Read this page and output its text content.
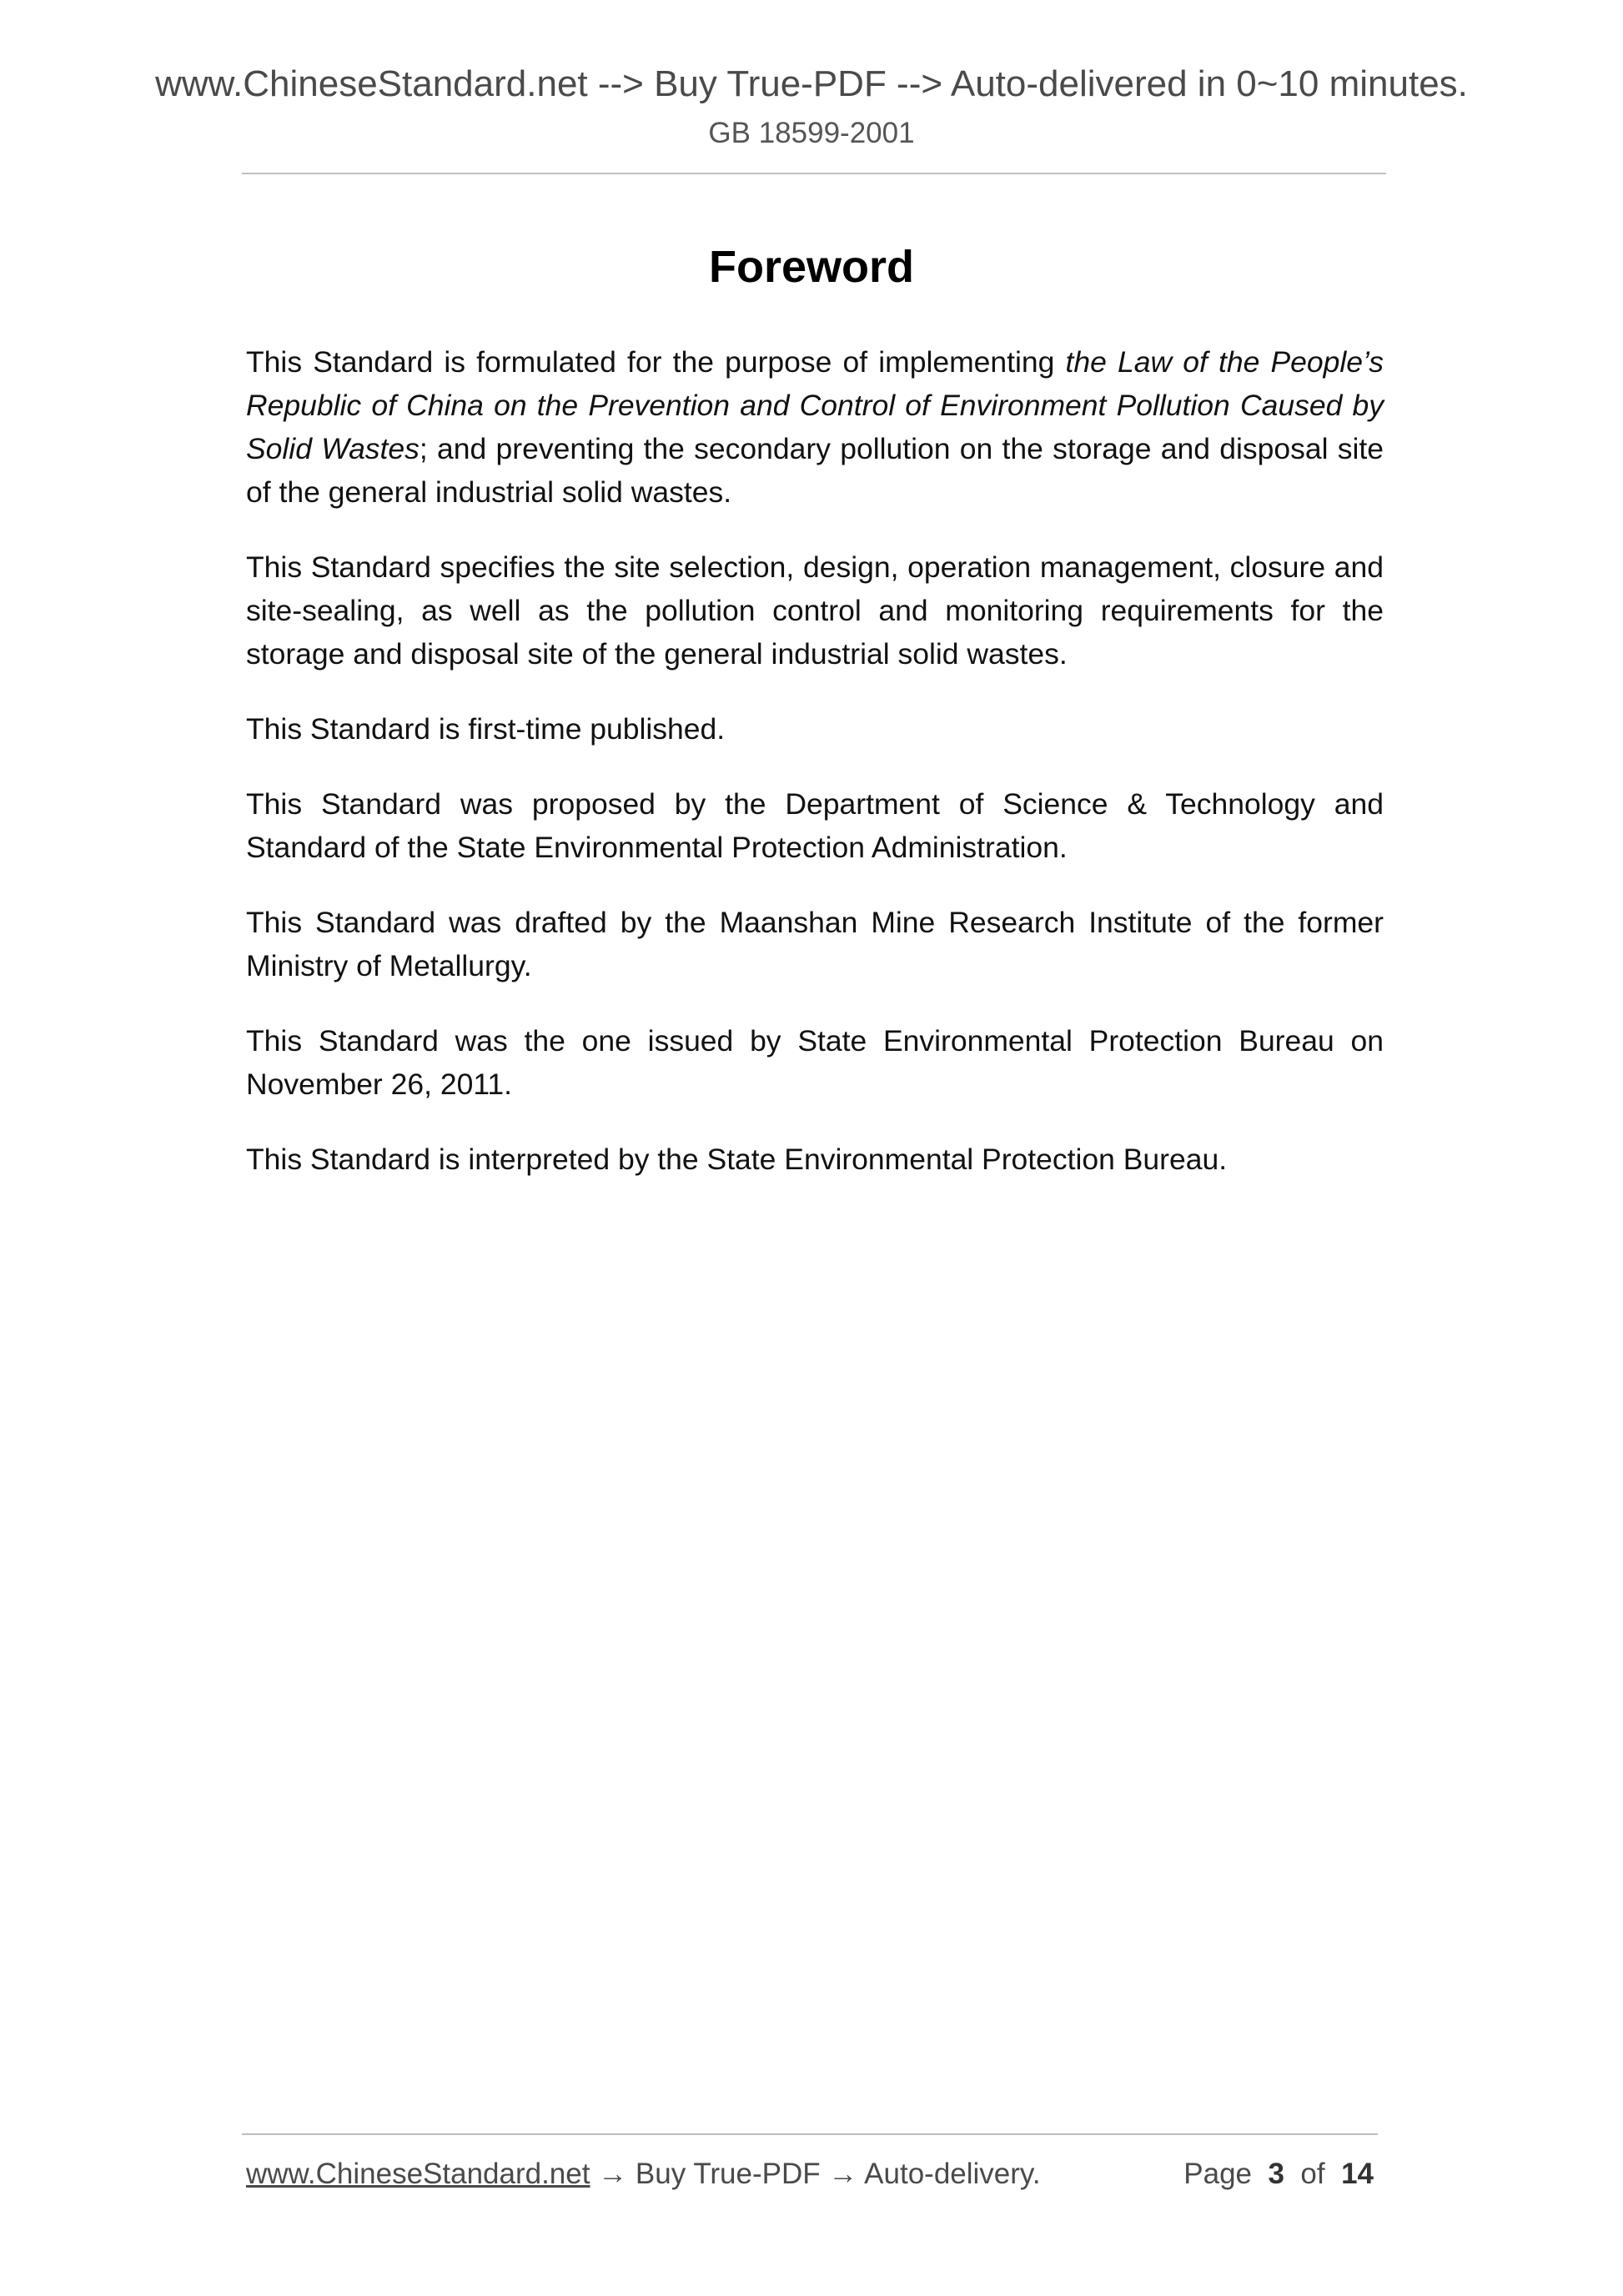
www.ChineseStandard.net --> Buy True-PDF --> Auto-delivered in 0~10 minutes.
GB 18599-2001
Foreword

This Standard is formulated for the purpose of implementing the Law of the People’s Republic of China on the Prevention and Control of Environment Pollution Caused by Solid Wastes; and preventing the secondary pollution on the storage and disposal site of the general industrial solid wastes.

This Standard specifies the site selection, design, operation management, closure and site-sealing, as well as the pollution control and monitoring requirements for the storage and disposal site of the general industrial solid wastes.

This Standard is first-time published.

This Standard was proposed by the Department of Science & Technology and Standard of the State Environmental Protection Administration.

This Standard was drafted by the Maanshan Mine Research Institute of the former Ministry of Metallurgy.

This Standard was the one issued by State Environmental Protection Bureau on November 26, 2011.

This Standard is interpreted by the State Environmental Protection Bureau.

www.ChineseStandard.net → Buy True-PDF → Auto-delivery.	Page 3 of 14
